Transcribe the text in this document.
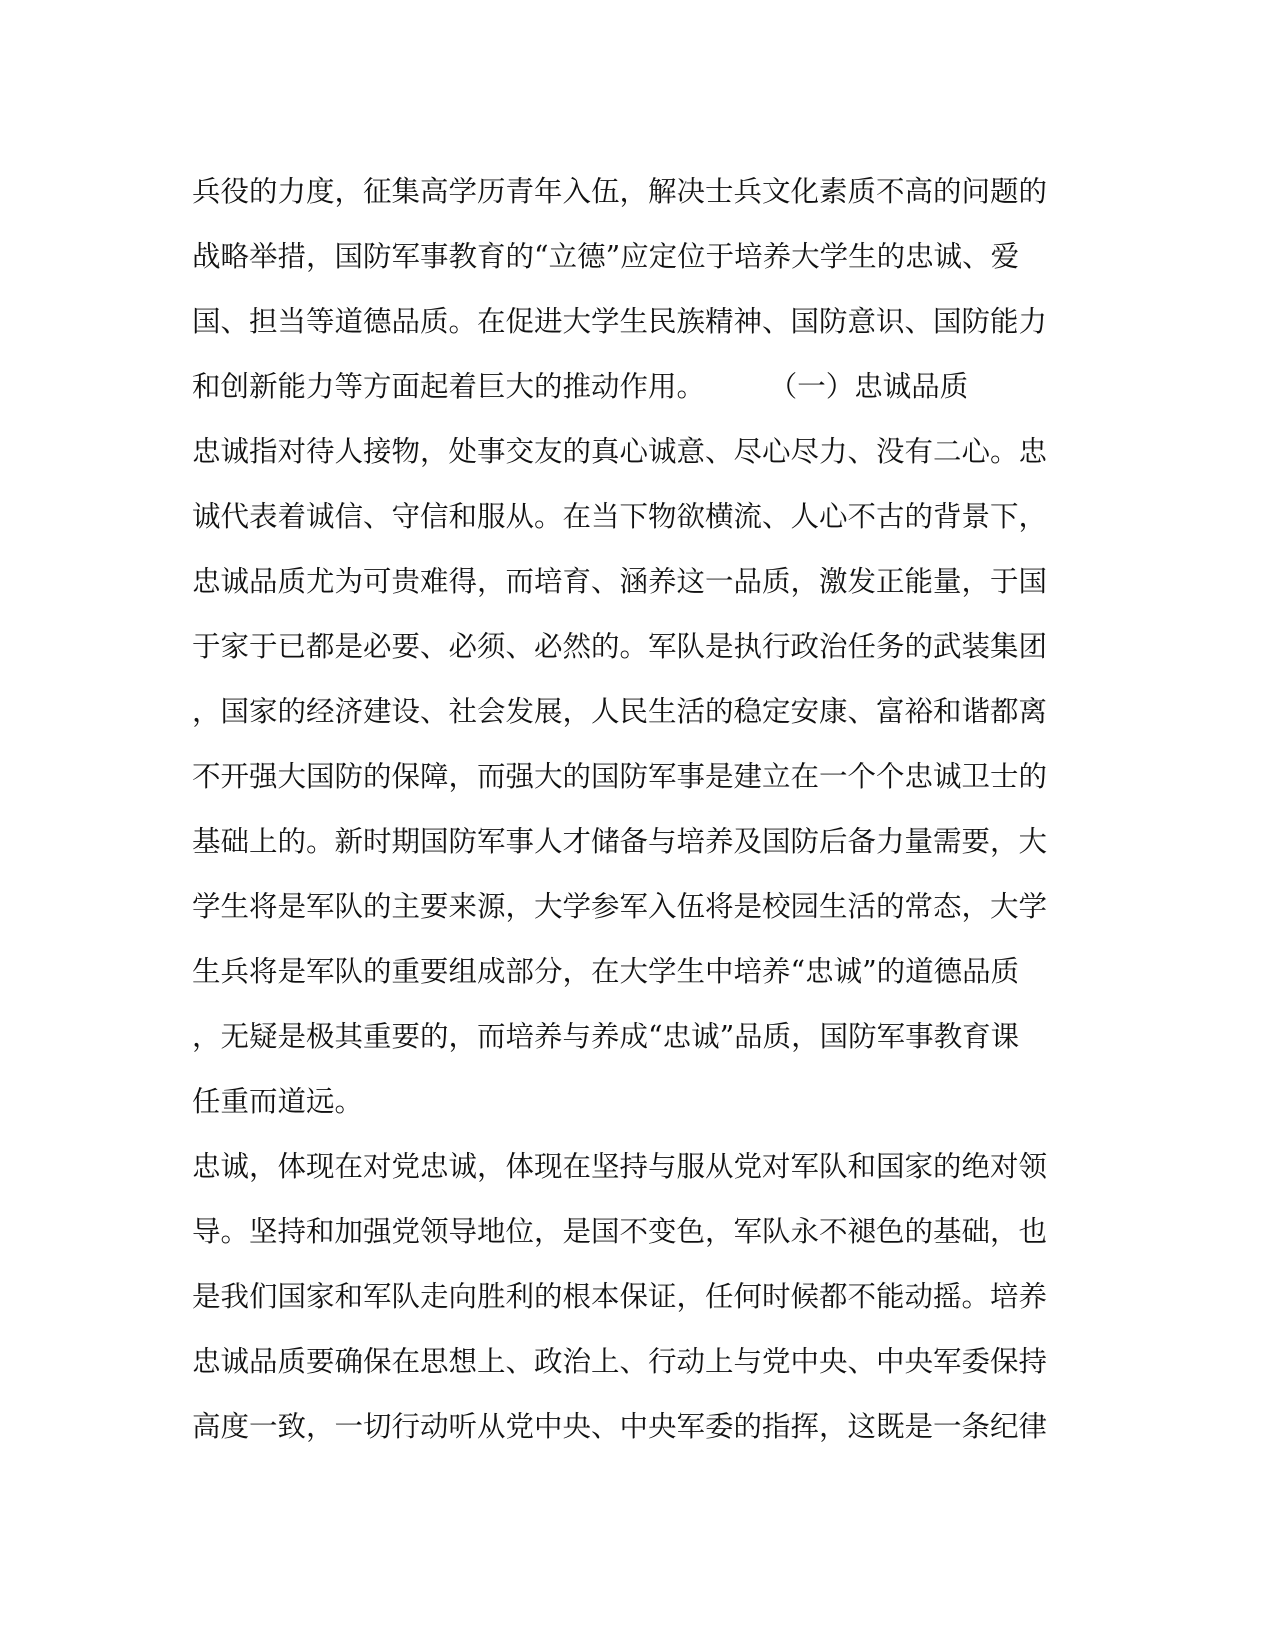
兵役的力度，征集高学历青年入伍，解决士兵文化素质不高的问题的
战略举措，国防军事教育的“立德”应定位于培养大学生的忠诚、爱
国、担当等道德品质。在促进大学生民族精神、国防意识、国防能力
和创新能力等方面起着巨大的推动作用。	（一）忠诚品质
忠诚指对待人接物，处事交友的真心诚意、尽心尽力、没有二心。忠
诚代表着诚信、守信和服从。在当下物欲横流、人心不古的背景下，
忠诚品质尤为可贵难得，而培育、涵养这一品质，激发正能量，于国
于家于已都是必要、必须、必然的。军队是执行政治任务的武装集团
，国家的经济建设、社会发展，人民生活的稳定安康、富裕和谐都离
不开强大国防的保障，而强大的国防军事是建立在一个个忠诚卫士的
基础上的。新时期国防军事人才储备与培养及国防后备力量需要，大
学生将是军队的主要来源，大学参军入伍将是校园生活的常态，大学
生兵将是军队的重要组成部分，在大学生中培养“忠诚”的道德品质
，无疑是极其重要的，而培养与养成“忠诚”品质，国防军事教育课
任重而道远。
忠诚，体现在对党忠诚，体现在坚持与服从党对军队和国家的绝对领
导。坚持和加强党领导地位，是国不变色，军队永不褪色的基础，也
是我们国家和军队走向胜利的根本保证，任何时候都不能动摇。培养
忠诚品质要确保在思想上、政治上、行动上与党中央、中央军委保持
高度一致，一切行动听从党中央、中央军委的指挥，这既是一条纪律
